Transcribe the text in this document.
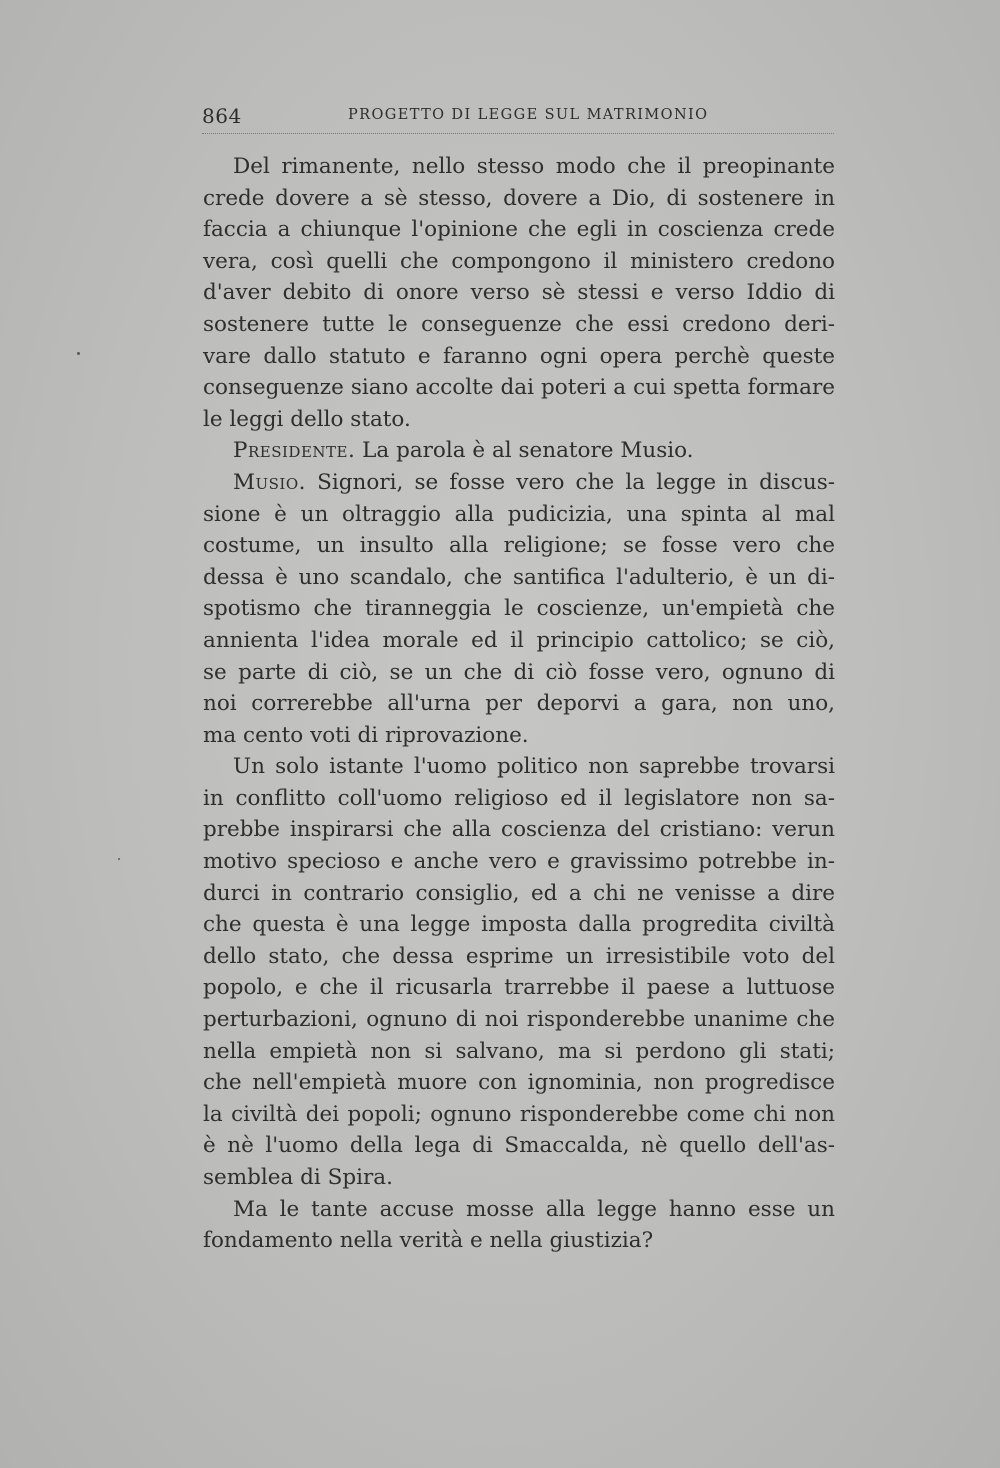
864	PROGETTO DI LEGGE SUL MATRIMONIO
Del rimanente, nello stesso modo che il preopinante
crede dovere a sè stesso, dovere a Dio, di sostenere in
faccia a chiunque l'opinione che egli in coscienza crede
vera, così quelli che compongono il ministero credono
d'aver debito di onore verso sè stessi e verso Iddio di
sostenere tutte le conseguenze che essi credono deri-
vare dallo statuto e faranno ogni opera perchè queste
conseguenze siano accolte dai poteri a cui spetta formare
le leggi dello stato.
Presidente. La parola è al senatore Musio.
Musio. Signori, se fosse vero che la legge in discus-
sione è un oltraggio alla pudicizia, una spinta al mal
costume, un insulto alla religione; se fosse vero che
dessa è uno scandalo, che santifica l'adulterio, è un di-
spotismo che tiranneggia le coscienze, un'empietà che
annienta l'idea morale ed il principio cattolico; se ciò,
se parte di ciò, se un che di ciò fosse vero, ognuno di
noi correrebbe all'urna per deporvi a gara, non uno,
ma cento voti di riprovazione.
Un solo istante l'uomo politico non saprebbe trovarsi
in conflitto coll'uomo religioso ed il legislatore non sa-
prebbe inspirarsi che alla coscienza del cristiano: verun
motivo specioso e anche vero e gravissimo potrebbe in-
durci in contrario consiglio, ed a chi ne venisse a dire
che questa è una legge imposta dalla progredita civiltà
dello stato, che dessa esprime un irresistibile voto del
popolo, e che il ricusarla trarrebbe il paese a luttuose
perturbazioni, ognuno di noi risponderebbe unanime che
nella empietà non si salvano, ma si perdono gli stati;
che nell'empietà muore con ignominia, non progredisce
la civiltà dei popoli; ognuno risponderebbe come chi non
è nè l'uomo della lega di Smaccalda, nè quello dell'as-
semblea di Spira.
Ma le tante accuse mosse alla legge hanno esse un
fondamento nella verità e nella giustizia?
